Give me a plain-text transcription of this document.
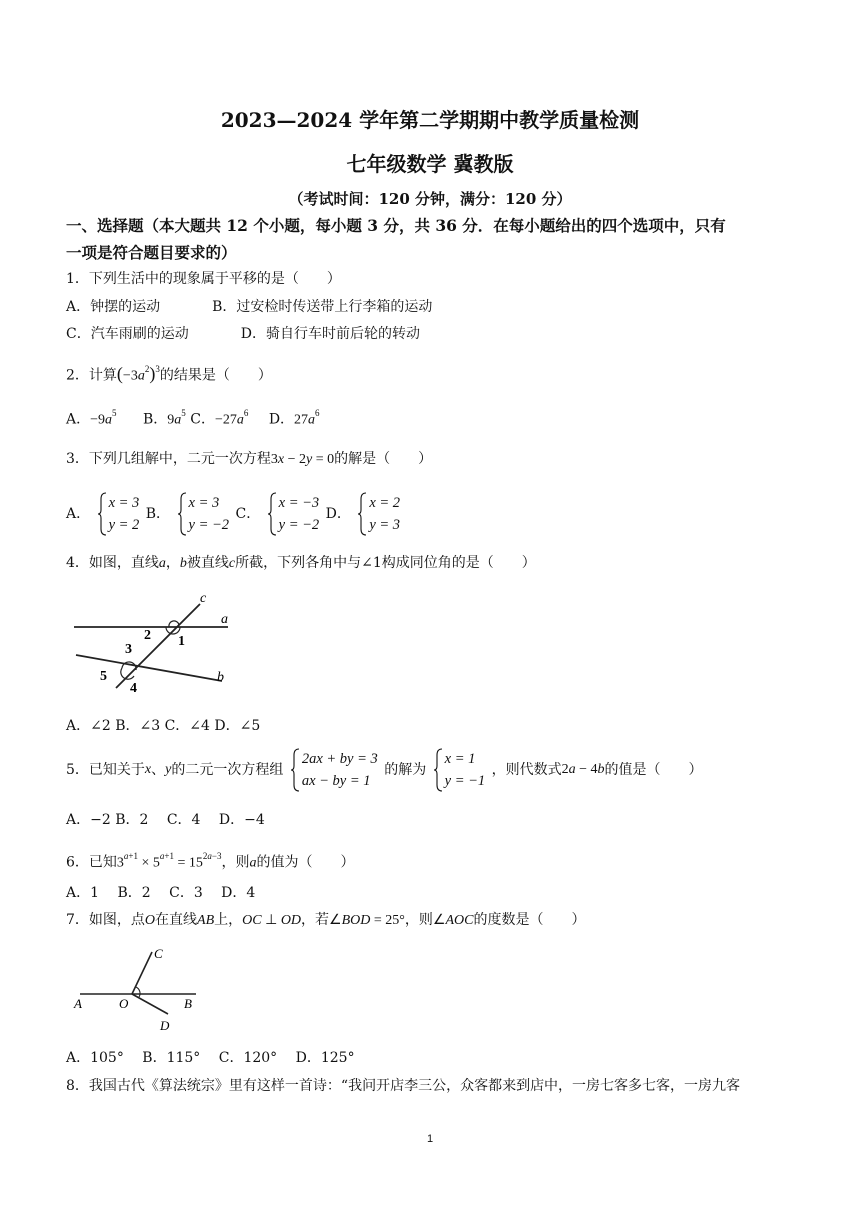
2023—2024 学年第二学期期中教学质量检测
七年级数学 冀教版
（考试时间：120 分钟，满分：120 分）
一、选择题（本大题共 12 个小题，每小题 3 分，共 36 分．在每小题给出的四个选项中，只有
一项是符合题目要求的）
1．下列生活中的现象属于平移的是（　　）
A．钟摆的运动	B．过安检时传送带上行李箱的运动
C．汽车雨刷的运动	D．骑自行车时前后轮的转动
2．计算$(-3a^2)^3$的结果是（　　）
A．$-9a^5$ B．$9a^5$ C．$-27a^6$ D．$27a^6$
3．下列几组解中，二元一次方程3x − 2y = 0的解是（　　）
A．
x = 3
y = 2 B．
x = 3
y = −2 C．
x = −3
y = −2 D．
x = 2
y = 3
4．如图，直线a，b被直线c所截，下列各角中与∠1构成同位角的是（　　）
c
a
b
1
2
3
4
5
A．∠2 B．∠3 C．∠4 D．∠5
5．已知关于x、y的二元一次方程组
2ax + by = 3
ax − by = 1 的解为
x = 1
y = −1 ，则代数式2a − 4b的值是（　　）
A．−2 B．2　 C．4　 D．−4
6．已知$3^{a+1} \times 5^{a+1} = 15^{2a-3}$，则a的值为（　　）
A．1　 B．2　 C．3　 D．4
7．如图，点O在直线AB上，OC ⊥ OD，若∠BOD = 25°，则∠AOC的度数是（　　）
A	O	B
C
D
A．105°　 B．115°　 C．120°　 D．125°
8．我国古代《算法统宗》里有这样一首诗：“我问开店李三公，众客都来到店中，一房七客多七客，一房九客
1
